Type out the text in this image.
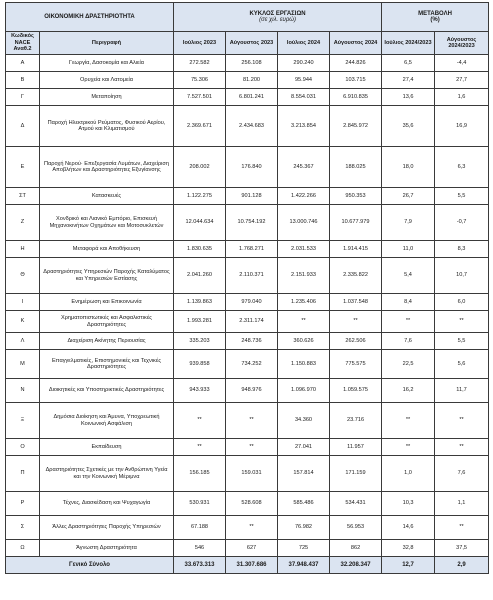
ΟΙΚΟΝΟΜΙΚΗ ΔΡΑΣΤΗΡΙΟΤΗΤΑ		ΚΥΚΛΟΣ ΕΡΓΑΣΙΩΝ
(σε χιλ. ευρώ)				ΜΕΤΑΒΟΛΗ
(%)	
Κωδικός NACE Αναθ.2	Περιγραφή	Ιούλιος 2023	Αύγουστος 2023	Ιούλιος 2024	Αύγουστος 2024	Ιούλιος 2024/2023	Αύγουστος 2024/2023
Α	Γεωργία, Δασοκομία και Αλιεία	272.582	256.108	290.240	244.826	6,5	-4,4
Β	Ορυχεία και Λατομεία	75.306	81.200	95.944	103.715	27,4	27,7
Γ	Μεταποίηση	7.527.501	6.801.241	8.554.031	6.910.835	13,6	1,6
Δ	Παροχή Ηλεκτρικού Ρεύματος, Φυσικού Αερίου, Ατμού και Κλιματισμού	2.369.671	2.434.683	3.213.854	2.845.972	35,6	16,9
Ε	Παροχή Νερού· Επεξεργασία Λυμάτων, Διαχείριση Αποβλήτων και Δραστηριότητες Εξυγίανσης	208.002	176.840	245.367	188.025	18,0	6,3
ΣΤ	Κατασκευές	1.122.275	901.128	1.422.266	950.353	26,7	5,5
Ζ	Χονδρικό και Λιανικό Εμπόριο, Επισκευή Μηχανοκινήτων Οχημάτων και Μοτοσυκλετών	12.044.634	10.754.192	13.000.746	10.677.979	7,9	-0,7
Η	Μεταφορά και Αποθήκευση	1.830.635	1.768.271	2.031.533	1.914.415	11,0	8,3
Θ	Δραστηριότητες Υπηρεσιών Παροχής Καταλύματος και Υπηρεσιών Εστίασης	2.041.260	2.110.371	2.151.933	2.335.822	5,4	10,7
Ι	Ενημέρωση και Επικοινωνία	1.139.863	979.040	1.235.406	1.037.548	8,4	6,0
Κ	Χρηματοπιστωτικές και Ασφαλιστικές Δραστηριότητες	1.993.281	2.311.174	**	**	**	**
Λ	Διαχείριση Ακίνητης Περιουσίας	335.203	248.736	360.626	262.506	7,6	5,5
Μ	Επαγγελματικές, Επιστημονικές και Τεχνικές Δραστηριότητες	939.858	734.252	1.150.883	775.575	22,5	5,6
Ν	Διοικητικές και Υποστηρικτικές Δραστηριότητες	943.933	948.976	1.096.970	1.059.575	16,2	11,7
Ξ	Δημόσια Διοίκηση και Άμυνα, Υποχρεωτική Κοινωνική Ασφάλιση	**	**	34.360	23.716	**	**
Ο	Εκπαίδευση	**	**	27.041	11.957	**	**
Π	Δραστηριότητες Σχετικές με την Ανθρώπινη Υγεία και την Κοινωνική Μέριμνα	156.185	159.031	157.814	171.159	1,0	7,6
Ρ	Τέχνες, Διασκέδαση και Ψυχαγωγία	530.931	528.608	585.486	534.431	10,3	1,1
Σ	Άλλες Δραστηριότητες Παροχής Υπηρεσιών	67.188	**	76.982	56.953	14,6	**
Ω	Άγνωστη Δραστηριότητα	546	627	725	862	32,8	37,5
Γενικό Σύνολο		33.673.313	31.307.686	37.948.437	32.208.347	12,7	2,9
